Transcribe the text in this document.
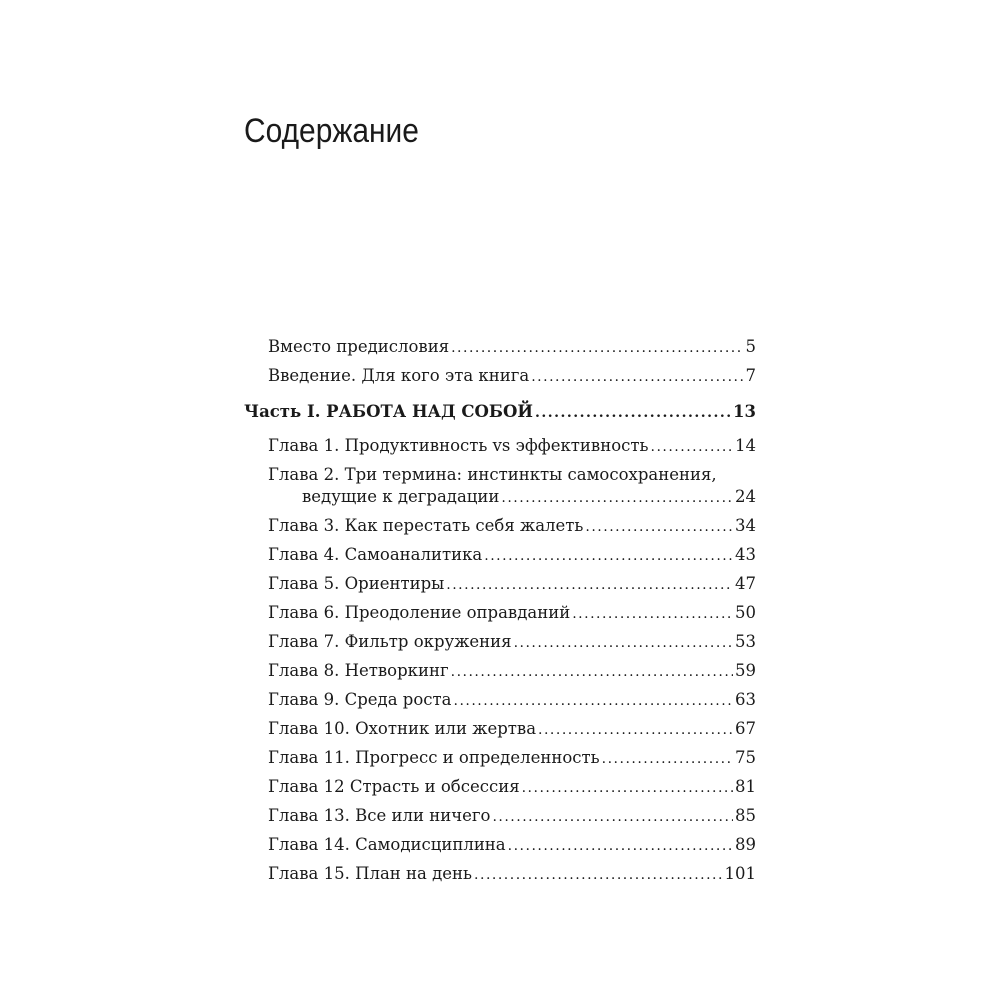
Содержание
Вместо предисловия .....	5
Введение. Для кого эта книга .....	7
Часть I. РАБОТА НАД СОБОЙ .....	13
Глава 1. Продуктивность vs эффективность .....	14
Глава 2. Три термина: инстинкты самосохранения,
ведущие к деградации .....	24
Глава 3. Как перестать себя жалеть .....	34
Глава 4. Самоаналитика .....	43
Глава 5. Ориентиры .....	47
Глава 6. Преодоление оправданий .....	50
Глава 7. Фильтр окружения .....	53
Глава 8. Нетворкинг .....	59
Глава 9. Среда роста .....	63
Глава 10. Охотник или жертва .....	67
Глава 11. Прогресс и определенность .....	75
Глава 12 Страсть и обсессия .....	81
Глава 13. Все или ничего .....	85
Глава 14. Самодисциплина .....	89
Глава 15. План на день .....	101
